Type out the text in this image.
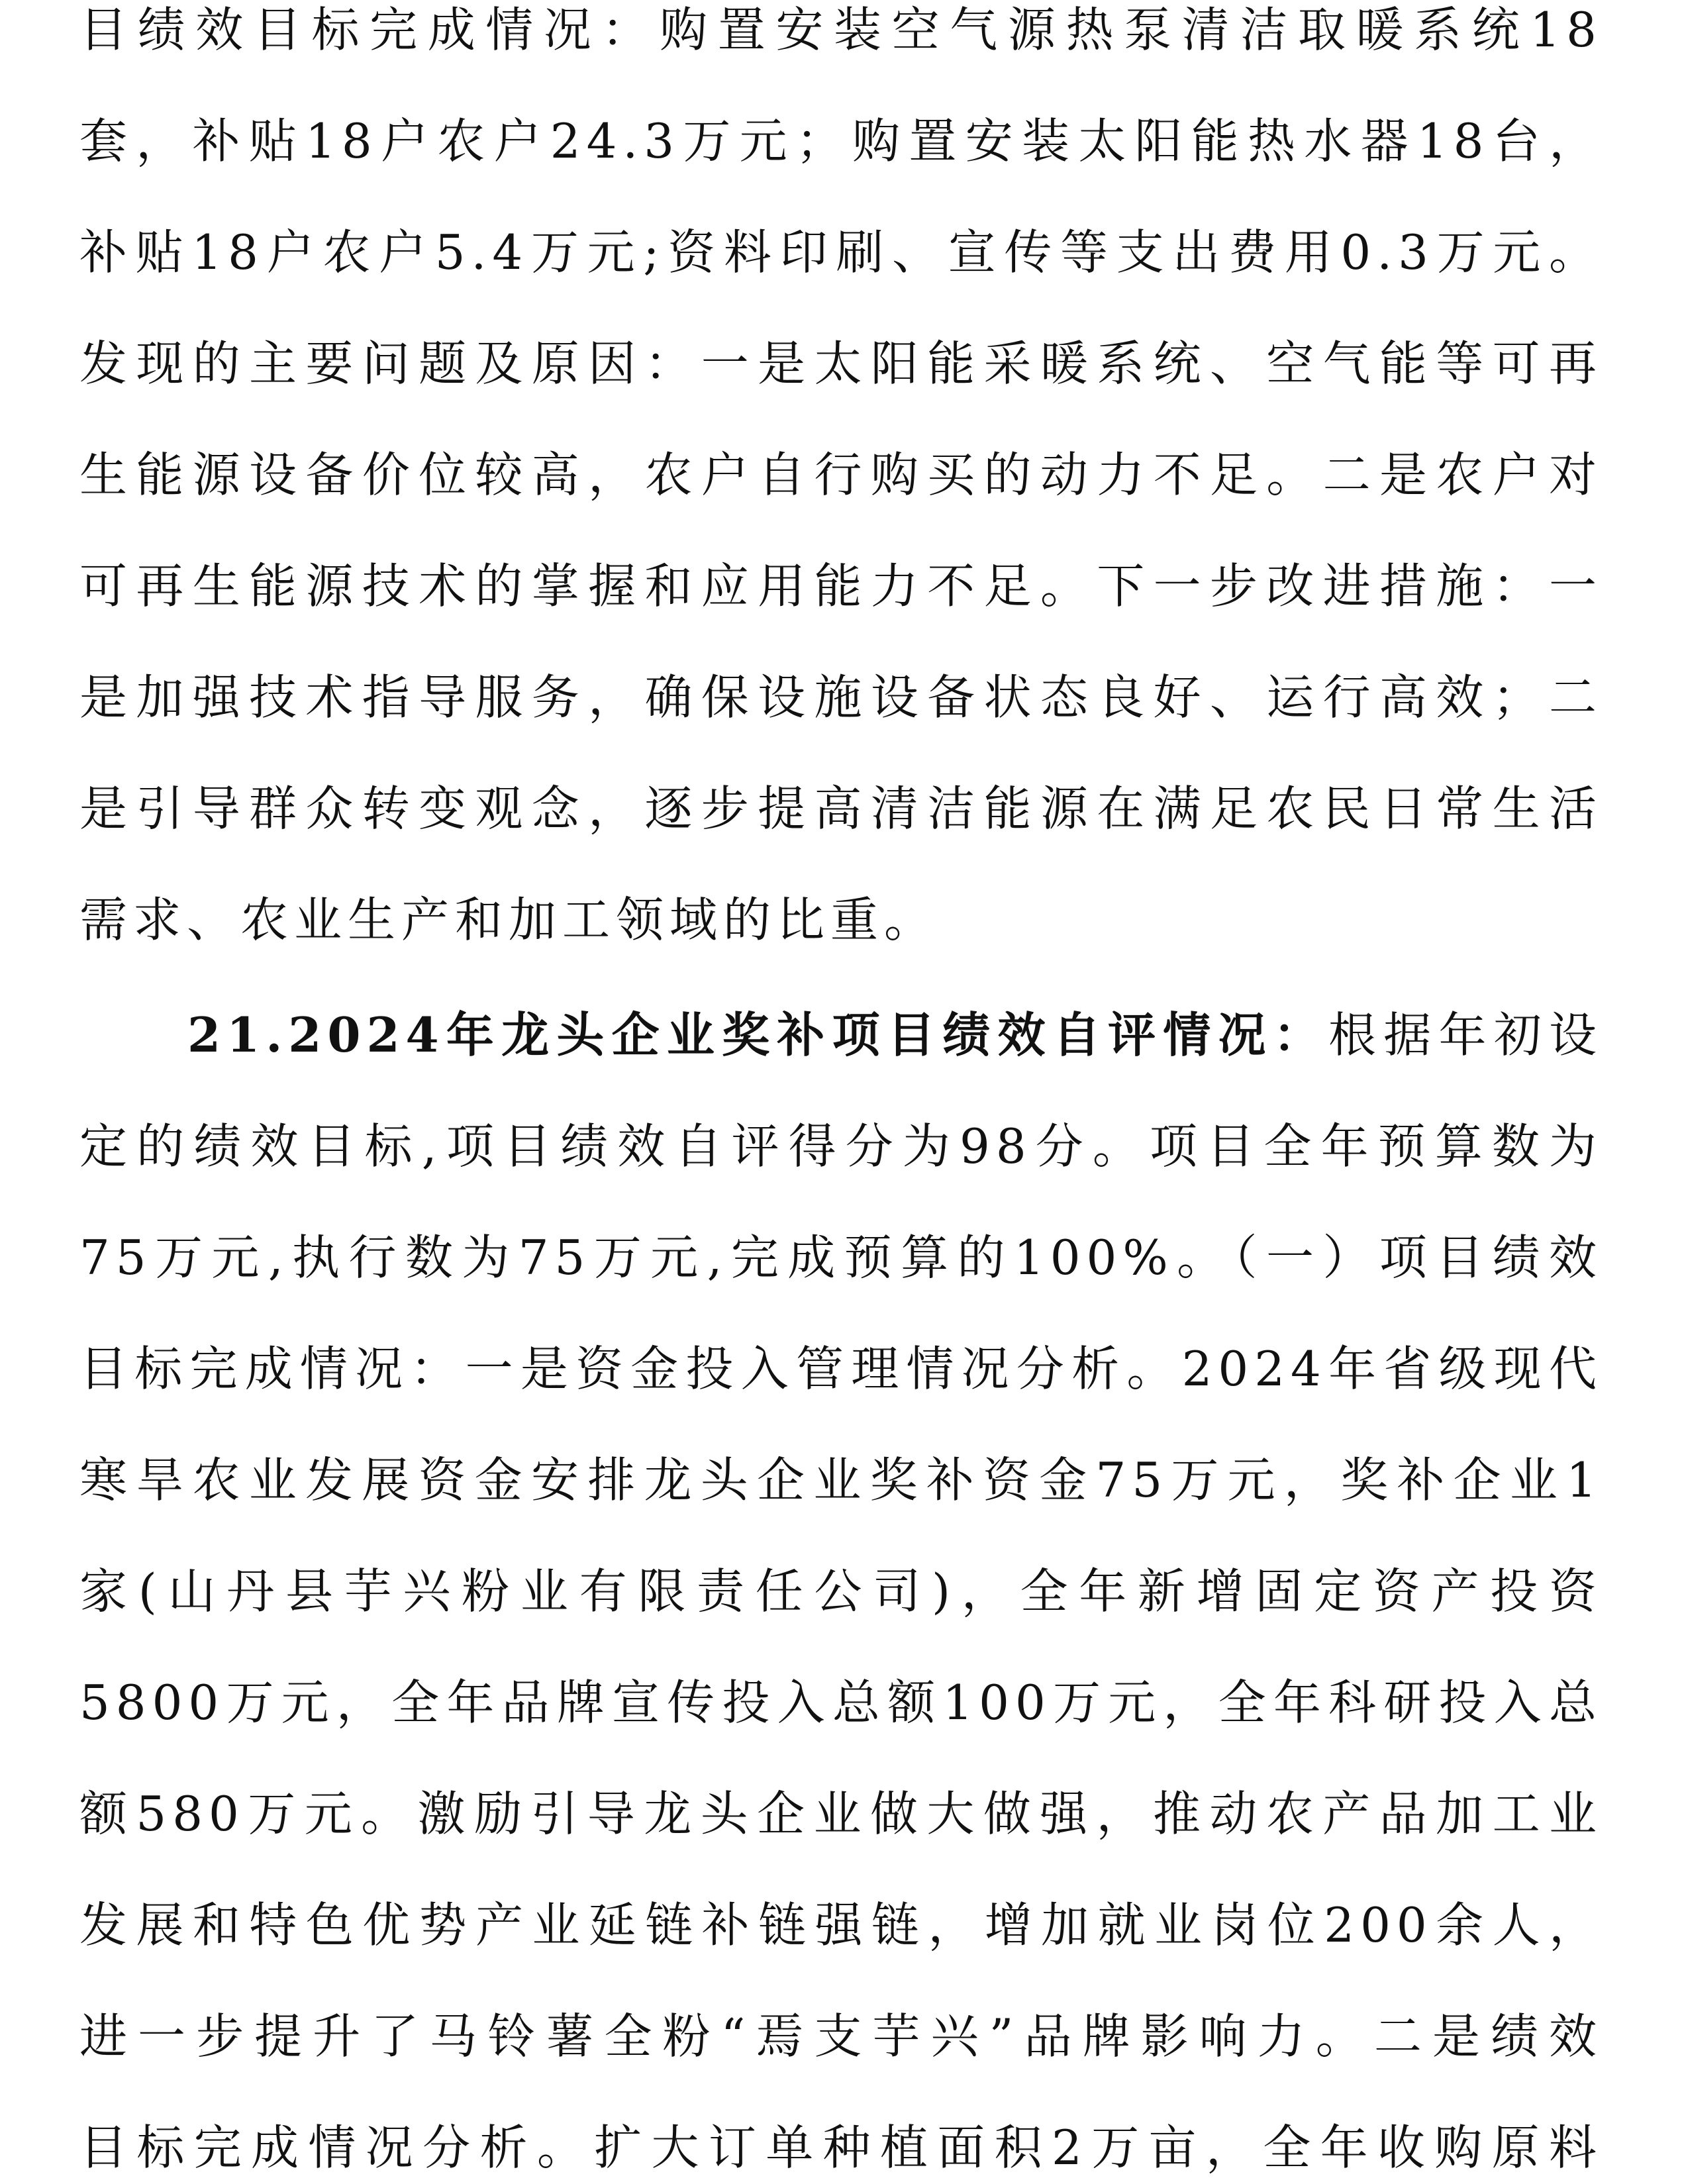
目绩效目标完成情况：购置安装空气源热泵清洁取暖系统18
套，补贴18户农户24.3万元；购置安装太阳能热水器18台，
补贴18户农户5.4万元;资料印刷、宣传等支出费用0.3万元。
发现的主要问题及原因：一是太阳能采暖系统、空气能等可再
生能源设备价位较高，农户自行购买的动力不足。二是农户对
可再生能源技术的掌握和应用能力不足。下一步改进措施：一
是加强技术指导服务，确保设施设备状态良好、运行高效；二
是引导群众转变观念，逐步提高清洁能源在满足农民日常生活
需求、农业生产和加工领域的比重。
21.2024年龙头企业奖补项目绩效自评情况：根据年初设
定的绩效目标,项目绩效自评得分为98分。项目全年预算数为
75万元,执行数为75万元,完成预算的100%。（一）项目绩效
目标完成情况：一是资金投入管理情况分析。2024年省级现代
寒旱农业发展资金安排龙头企业奖补资金75万元，奖补企业1
家(山丹县芋兴粉业有限责任公司)，全年新增固定资产投资
5800万元，全年品牌宣传投入总额100万元，全年科研投入总
额580万元。激励引导龙头企业做大做强，推动农产品加工业
发展和特色优势产业延链补链强链，增加就业岗位200余人，
进一步提升了马铃薯全粉“焉支芋兴”品牌影响力。二是绩效
目标完成情况分析。扩大订单种植面积2万亩，全年收购原料
